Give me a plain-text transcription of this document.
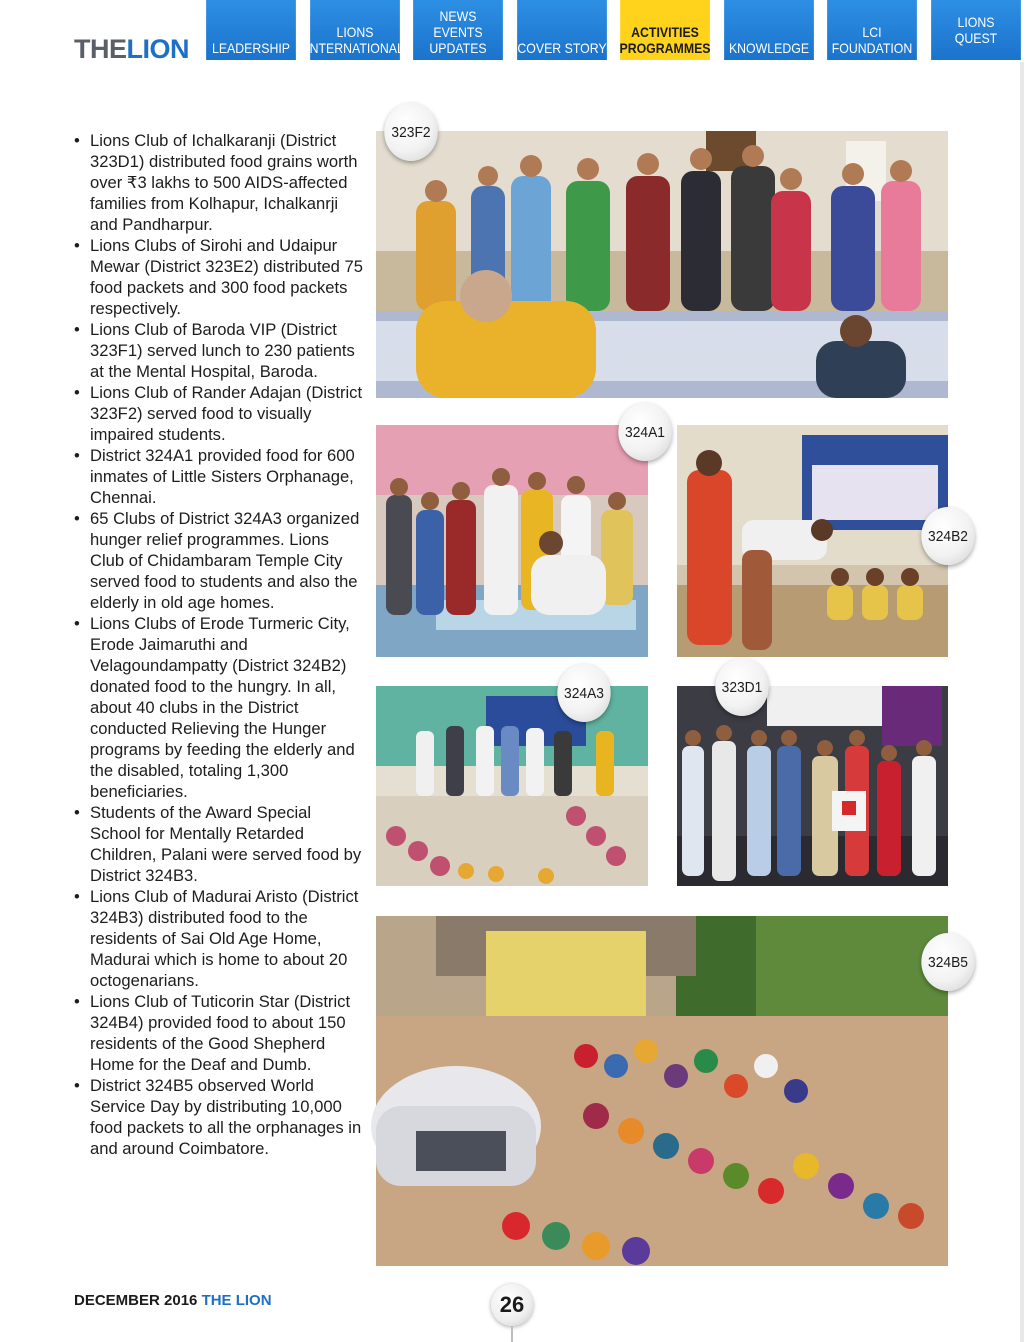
THELION LEADERSHIP
LIONS
INTERNATIONAL
NEWS
EVENTS
UPDATES COVER STORY
ACTIVITIES
PROGRAMMES KNOWLEDGE
LCI
FOUNDATION
LIONS
QUEST
• Lions Club of Ichalkaranji (District 323D1) distributed food grains worth over ₹3 lakhs to 500 AIDS-affected families from Kolhapur, Ichalkanrji and Pandharpur.
• Lions Clubs of Sirohi and Udaipur Mewar (District 323E2) distributed 75 food packets and 300 food packets respectively.
• Lions Club of Baroda VIP (District 323F1) served lunch to 230 patients at the Mental Hospital, Baroda.
• Lions Club of Rander Adajan (District 323F2) served food to visually impaired students.
• District 324A1 provided food for 600 inmates of Little Sisters Orphanage, Chennai.
• 65 Clubs of District 324A3 organized hunger relief programmes. Lions Club of Chidambaram Temple City served food to students and also the elderly in old age homes.
• Lions Clubs of Erode Turmeric City, Erode Jaimaruthi and Velagoundampatty (District 324B2) donated food to the hungry. In all, about 40 clubs in the District conducted Relieving the Hunger programs by feeding the elderly and the disabled, totaling 1,300 beneficiaries.
• Students of the Award Special School for Mentally Retarded Children, Palani were served food by District 324B3.
• Lions Club of Madurai Aristo (District 324B3) distributed food to the residents of Sai Old Age Home, Madurai which is home to about 20 octogenarians.
• Lions Club of Tuticorin Star (District 324B4) provided food to about 150 residents of the Good Shepherd Home for the Deaf and Dumb.
• District 324B5 observed World Service Day by distributing 10,000 food packets to all the orphanages in and around Coimbatore.
323F2
324A1
324B2
324A3	323D1
324B5
DECEMBER 2016 THE LION	26
